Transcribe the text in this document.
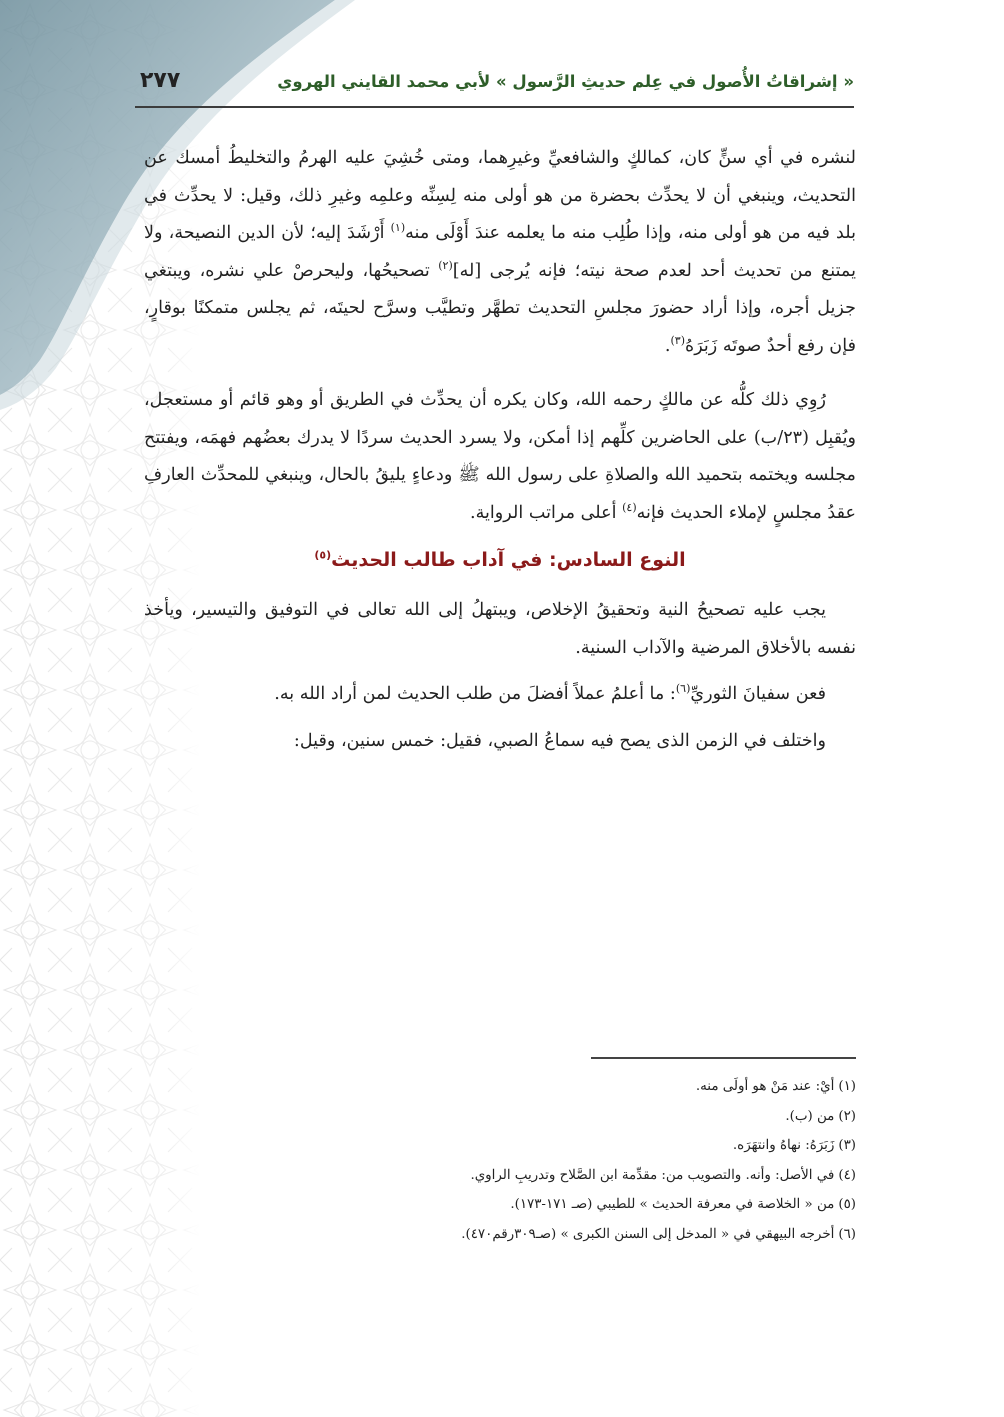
« إشراقاتُ الأُصول في عِلم حديثِ الرَّسول » لأبي محمد القايني الهروي
٢٧٧

لنشره في أي سنٍّ كان، كمالكٍ والشافعيِّ وغيرِهما، ومتى خُشِيَ عليه الهرمُ والتخليطُ أمسك عن التحديث، وينبغي أن لا يحدِّث بحضرة من هو أولى منه لِسِنِّه وعلمِه وغيرِ ذلك، وقيل: لا يحدِّث في بلد فيه من هو أولى منه، وإذا طُلِب منه ما يعلمه عندَ أَوْلَى منه$^{(١)}$ أَرْشَدَ إليه؛ لأن الدين النصيحة، ولا يمتنع من تحديث أحد لعدم صحة نيته؛ فإنه يُرجى [له]$^{(٢)}$ تصحيحُها، وليحرصْ علي نشره، ويبتغي جزيل أجره، وإذا أراد حضورَ مجلسِ التحديث تطهَّر وتطيَّب وسرَّح لحيتَه، ثم يجلس متمكنًا بوقارٍ، فإن رفع أحدٌ صوتَه زَبَرَهُ$^{(٣)}$.

رُوِي ذلك كلُّه عن مالكٍ رحمه الله، وكان يكره أن يحدِّث في الطريق أو وهو قائم أو مستعجل، ويُقبِل (٢٣/ب) على الحاضرين كلِّهم إذا أمكن، ولا يسرد الحديث سردًا لا يدرك بعضُهم فهمَه، ويفتتح مجلسه ويختمه بتحميد الله والصلاةِ على رسول الله ﷺ ودعاءٍ يليقُ بالحال، وينبغي للمحدِّث العارفِ عقدُ مجلسٍ لإملاء الحديث فإنه$^{(٤)}$ أعلى مراتب الرواية.

النوع السادس: في آداب طالب الحديث$^{(٥)}$

يجب عليه تصحيحُ النية وتحقيقُ الإخلاص، ويبتهلُ إلى الله تعالى في التوفيق والتيسير، ويأخذ نفسه بالأخلاق المرضية والآداب السنية.

فعن سفيانَ الثوريِّ$^{(٦)}$: ما أعلمُ عملاً أفضلَ من طلب الحديث لمن أراد الله به.

واختلف في الزمن الذى يصح فيه سماعُ الصبي، فقيل: خمس سنين، وقيل:

(١)أيْ: عند مَنْ هو أولَى منه.
(٢)من (ب).
(٣)زَبَرَهُ: نهاهُ وانتهَرَه.
(٤)في الأصل: وأنه. والتصويب من: مقدِّمة ابن الصَّلاح وتدريبِ الراوي.
(٥)من « الخلاصة في معرفة الحديث » للطيبي (صـ ١٧١-١٧٣).
(٦)أخرجه البيهقي في « المدخل إلى السنن الكبرى » (صـ٣٠٩رقم٤٧٠).
